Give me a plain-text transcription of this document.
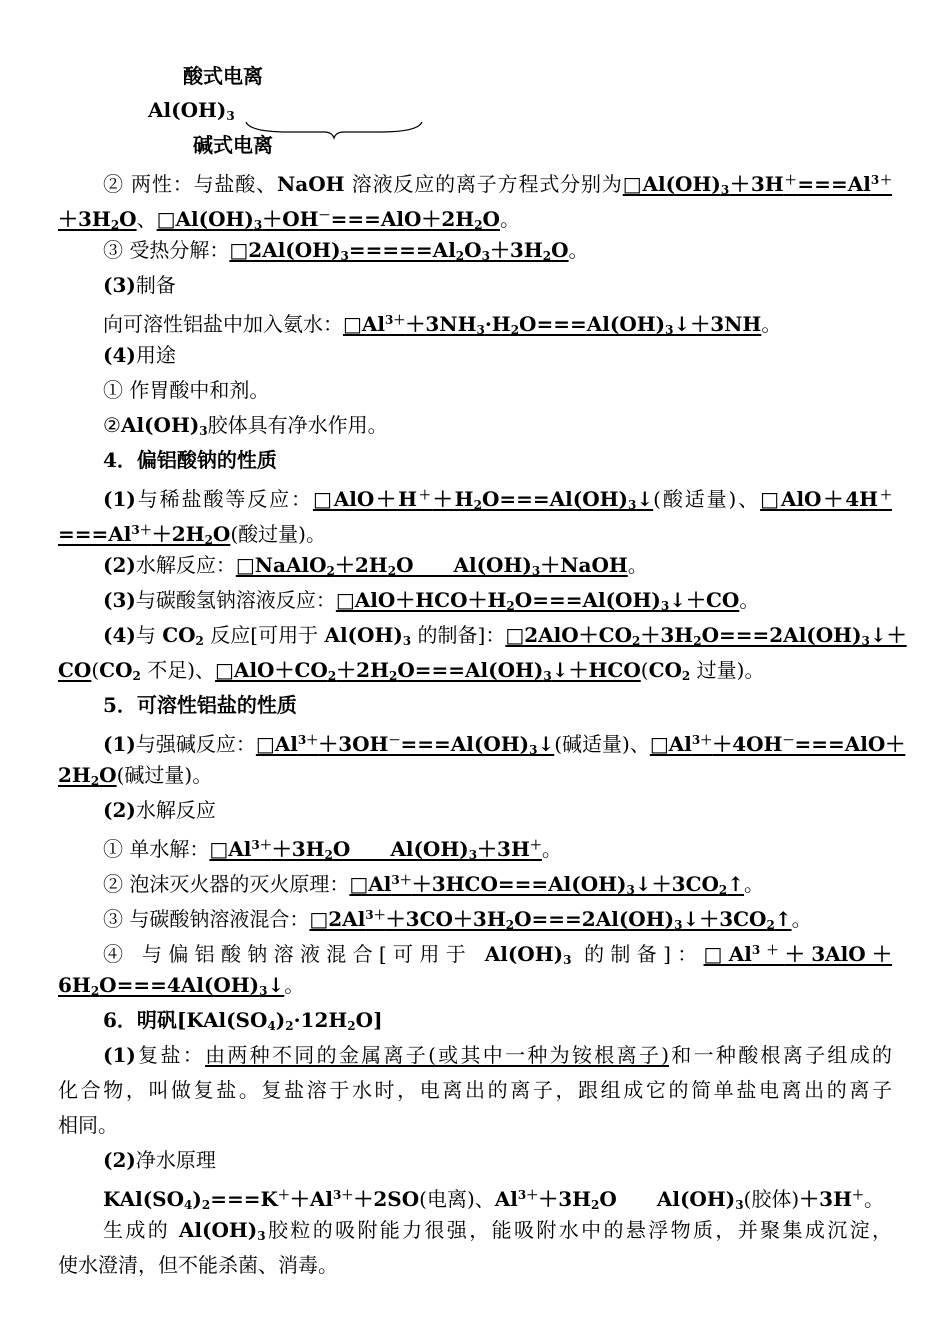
酸式电离
$Al(OH)_3$
碱式电离
② 两性：与盐酸、NaOH 溶液反应的离子方程式分别为$□Al(OH)_3+3H^+===Al^{3+}$
$+3H_2O$、$□Al(OH)_3+OH^-===AlO+2H_2O$。
③ 受热分解：$□2Al(OH)_3=====Al_2O_3+3H_2O$。
(3)制备
向可溶性铝盐中加入氨水：$□Al^{3+}+3NH_3\cdot H_2O===Al(OH)_3↓+3NH$。
(4)用途
① 作胃酸中和剂。
$②Al(OH)_3$胶体具有净水作用。
4．偏铝酸钠的性质
(1)与稀盐酸等反应：$□AlO+H^++H_2O===Al(OH)_3↓$(酸适量)、□AlO＋4H＋
$===Al^{3+}+2H_2O$(酸过量)。
(2)水解反应：$□NaAlO_2+2H_2O$　　$Al(OH)_3+NaOH$。
(3)与碳酸氢钠溶液反应：$□AlO+HCO+H_2O===Al(OH)_3↓+CO$。
(4)与 $CO_2$ 反应[可用于 $Al(OH)_3$ 的制备]：$□2AlO+CO_2+3H_2O===2Al(OH)_3↓+$
$CO(CO_2$ 不足)、$□AlO+CO_2+2H_2O===Al(OH)_3↓+HCO(CO_2$ 过量)。
5．可溶性铝盐的性质
(1)与强碱反应：$□Al^{3+}+3OH^-===Al(OH)_3↓$(碱适量)、$□Al^{3+}+4OH^-===AlO+$
$2H_2O$(碱过量)。
(2)水解反应
① 单水解：$□Al^{3+}+3H_2O$　　$Al(OH)_3+3H^+$。
② 泡沫灭火器的灭火原理：$□Al^{3+}+3HCO===Al(OH)_3↓+3CO_2↑$。
③ 与碳酸钠溶液混合：$□2Al^{3+}+3CO+3H_2O===2Al(OH)_3↓+3CO_2↑$。
④ 与偏铝酸钠溶液混合[可用于 $Al(OH)_3$ 的制备]：$□Al^{3+}+3AlO+$
$6H_2O===4Al(OH)_3↓$。
6．明矾$[KAl(SO_4)_2\cdot 12H_2O]$
(1)复盐：由两种不同的金属离子(或其中一种为铵根离子)和一种酸根离子组成的
化合物，叫做复盐。复盐溶于水时，电离出的离子，跟组成它的简单盐电离出的离子
相同。
(2)净水原理
$KAl(SO_4)_2===K^++Al^{3+}+2SO$(电离)、$Al^{3+}+3H_2O$　　$Al(OH)_3$(胶体)＋3H＋。
生成的 $Al(OH)_3$胶粒的吸附能力很强，能吸附水中的悬浮物质，并聚集成沉淀，
使水澄清，但不能杀菌、消毒。
